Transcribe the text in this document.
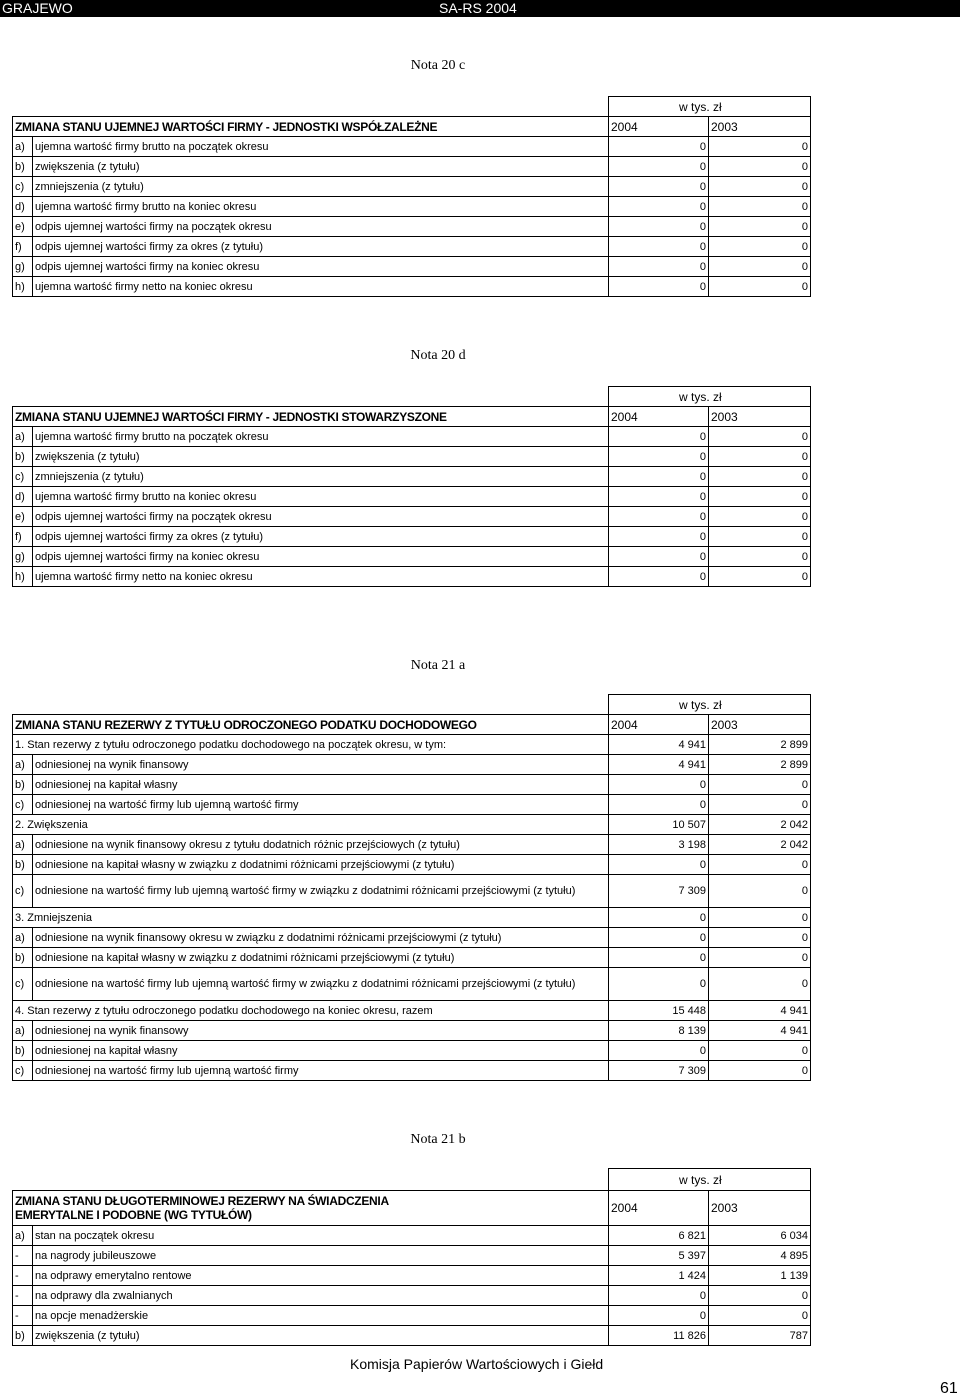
GRAJEWO	SA-RS 2004
Nota 20 c
		w tys. zł	
ZMIANA STANU UJEMNEJ WARTOŚCI FIRMY - JEDNOSTKI WSPÓŁZALEŻNE		2004	2003
a)	ujemna wartość firmy brutto na początek okresu	0	0
b)	zwiększenia (z tytułu)	0	0
c)	zmniejszenia (z tytułu)	0	0
d)	ujemna wartość firmy brutto na koniec okresu	0	0
e)	odpis ujemnej wartości firmy na początek okresu	0	0
f)	odpis ujemnej wartości firmy za okres (z tytułu)	0	0
g)	odpis ujemnej wartości firmy na koniec okresu	0	0
h)	ujemna wartość firmy netto na koniec okresu	0	0
Nota 20 d
		w tys. zł	
ZMIANA STANU UJEMNEJ WARTOŚCI FIRMY - JEDNOSTKI STOWARZYSZONE		2004	2003
a)	ujemna wartość firmy brutto na początek okresu	0	0
b)	zwiększenia (z tytułu)	0	0
c)	zmniejszenia (z tytułu)	0	0
d)	ujemna wartość firmy brutto na koniec okresu	0	0
e)	odpis ujemnej wartości firmy na początek okresu	0	0
f)	odpis ujemnej wartości firmy za okres (z tytułu)	0	0
g)	odpis ujemnej wartości firmy na koniec okresu	0	0
h)	ujemna wartość firmy netto na koniec okresu	0	0
Nota 21 a
		w tys. zł	
ZMIANA STANU REZERWY Z TYTUŁU ODROCZONEGO PODATKU DOCHODOWEGO		2004	2003
1. Stan rezerwy z tytułu odroczonego podatku dochodowego na początek okresu, w tym:		4 941	2 899
a)	odniesionej na wynik finansowy	4 941	2 899
b)	odniesionej na kapitał własny	0	0
c)	odniesionej na wartość firmy lub ujemną wartość firmy	0	0
2. Zwiększenia		10 507	2 042
a)	odniesione na wynik finansowy okresu z tytułu dodatnich różnic przejściowych (z tytułu)	3 198	2 042
b)	odniesione na kapitał własny w związku z dodatnimi różnicami przejściowymi (z tytułu)	0	0
c)	odniesione na wartość firmy lub ujemną wartość firmy w związku z dodatnimi różnicami przejściowymi (z tytułu)	7 309	0
3. Zmniejszenia		0	0
a)	odniesione na wynik finansowy okresu w związku z dodatnimi różnicami przejściowymi (z tytułu)	0	0
b)	odniesione na kapitał własny w związku z dodatnimi różnicami przejściowymi (z tytułu)	0	0
c)	odniesione na wartość firmy lub ujemną wartość firmy w związku z dodatnimi różnicami przejściowymi (z tytułu)	0	0
4. Stan rezerwy z tytułu odroczonego podatku dochodowego na koniec okresu, razem		15 448	4 941
a)	odniesionej na wynik finansowy	8 139	4 941
b)	odniesionej na kapitał własny	0	0
c)	odniesionej na wartość firmy lub ujemną wartość firmy	7 309	0
Nota 21 b
		w tys. zł	
ZMIANA STANU DŁUGOTERMINOWEJ REZERWY NA ŚWIADCZENIA EMERYTALNE I PODOBNE (WG TYTUŁÓW)		2004	2003
a)	stan na początek okresu	6 821	6 034
-	na nagrody jubileuszowe	5 397	4 895
-	na odprawy emerytalno rentowe	1 424	1 139
-	na odprawy dla zwalnianych	0	0
-	na opcje menadżerskie	0	0
b)	zwiększenia (z tytułu)	11 826	787
Komisja Papierów Wartościowych i Giełd
61
